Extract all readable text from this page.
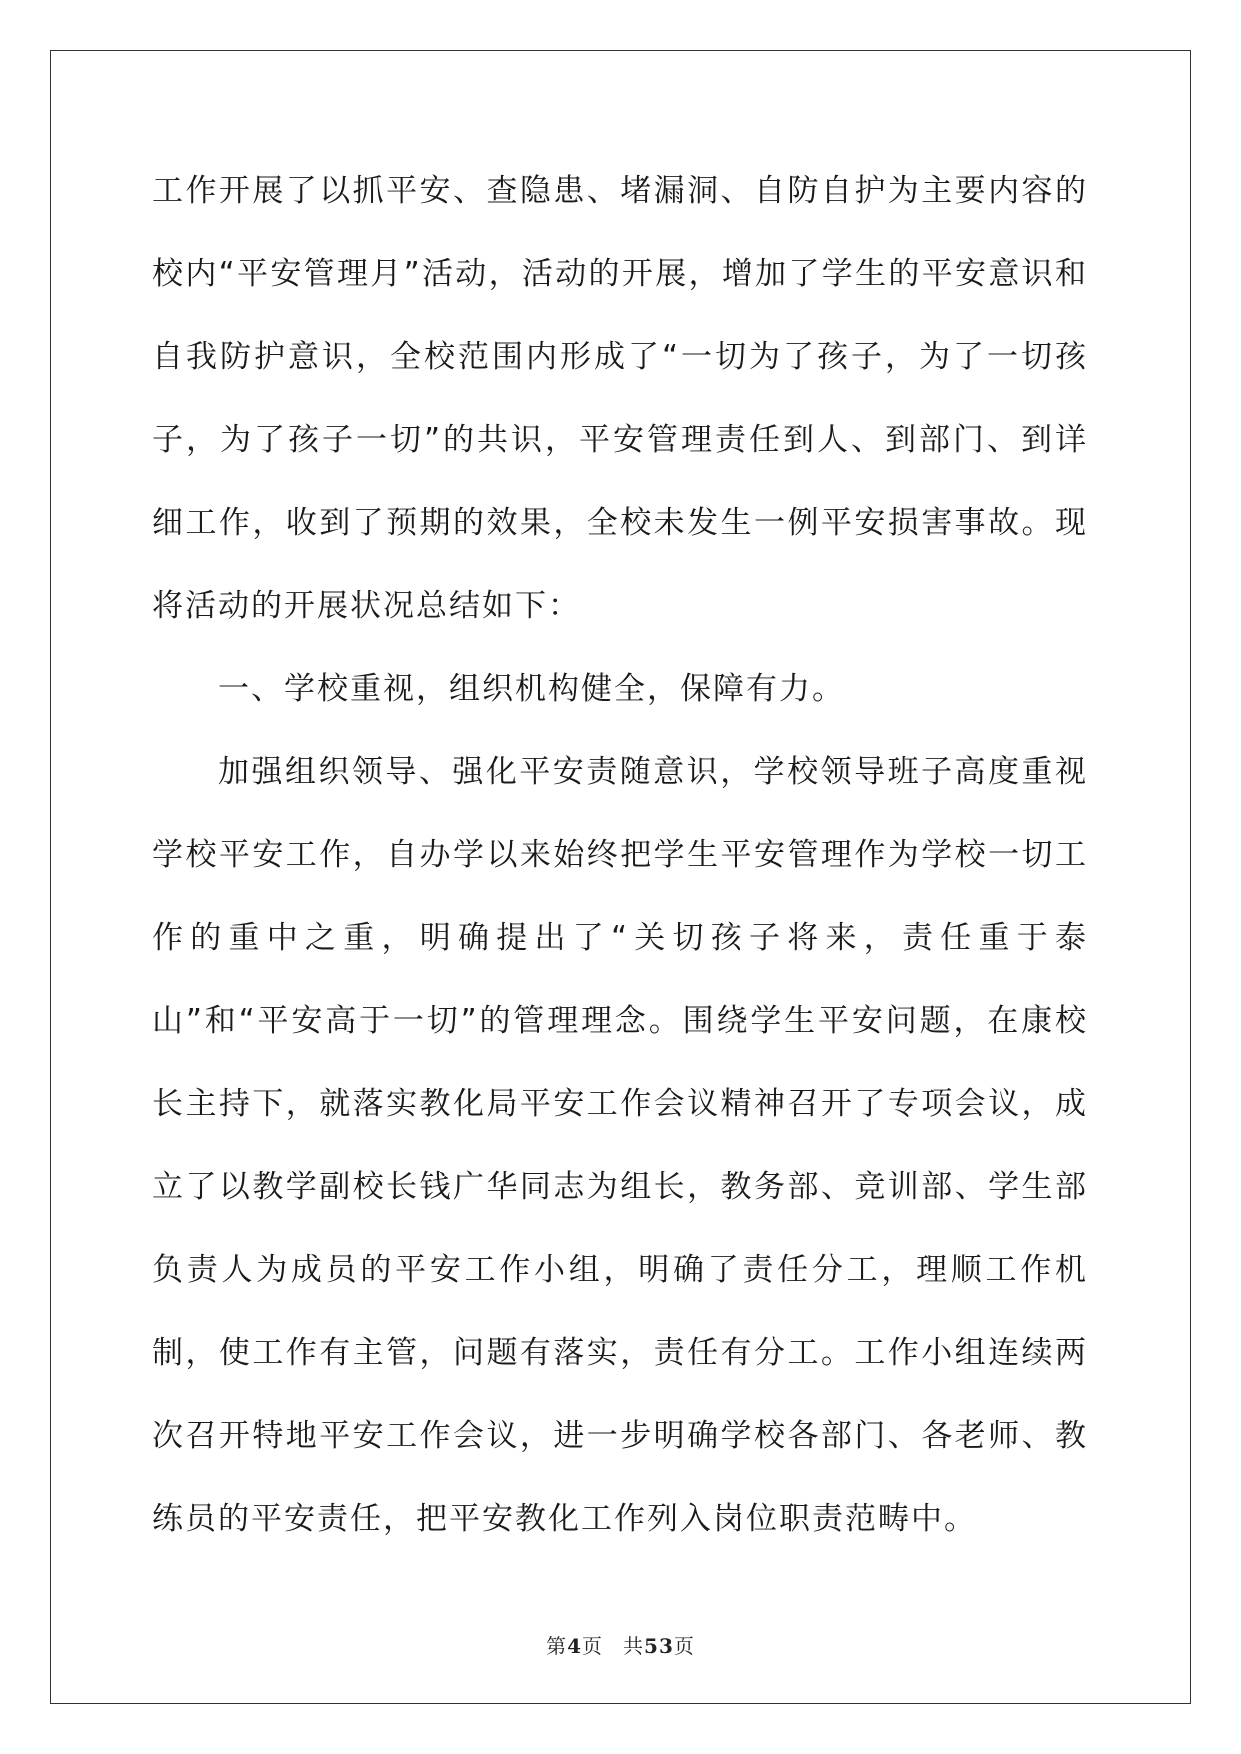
工作开展了以抓平安、查隐患、堵漏洞、自防自护为主要内容的校内“平安管理月”活动，活动的开展，增加了学生的平安意识和自我防护意识，全校范围内形成了“一切为了孩子，为了一切孩子，为了孩子一切”的共识，平安管理责任到人、到部门、到详细工作，收到了预期的效果，全校未发生一例平安损害事故。现将活动的开展状况总结如下：

一、学校重视，组织机构健全，保障有力。

加强组织领导、强化平安责随意识，学校领导班子高度重视学校平安工作，自办学以来始终把学生平安管理作为学校一切工作的重中之重，明确提出了“关切孩子将来，责任重于泰山”和“平安高于一切”的管理理念。围绕学生平安问题，在康校长主持下，就落实教化局平安工作会议精神召开了专项会议，成立了以教学副校长钱广华同志为组长，教务部、竞训部、学生部负责人为成员的平安工作小组，明确了责任分工，理顺工作机制，使工作有主管，问题有落实，责任有分工。工作小组连续两次召开特地平安工作会议，进一步明确学校各部门、各老师、教练员的平安责任，把平安教化工作列入岗位职责范畴中。

第4页 共53页
